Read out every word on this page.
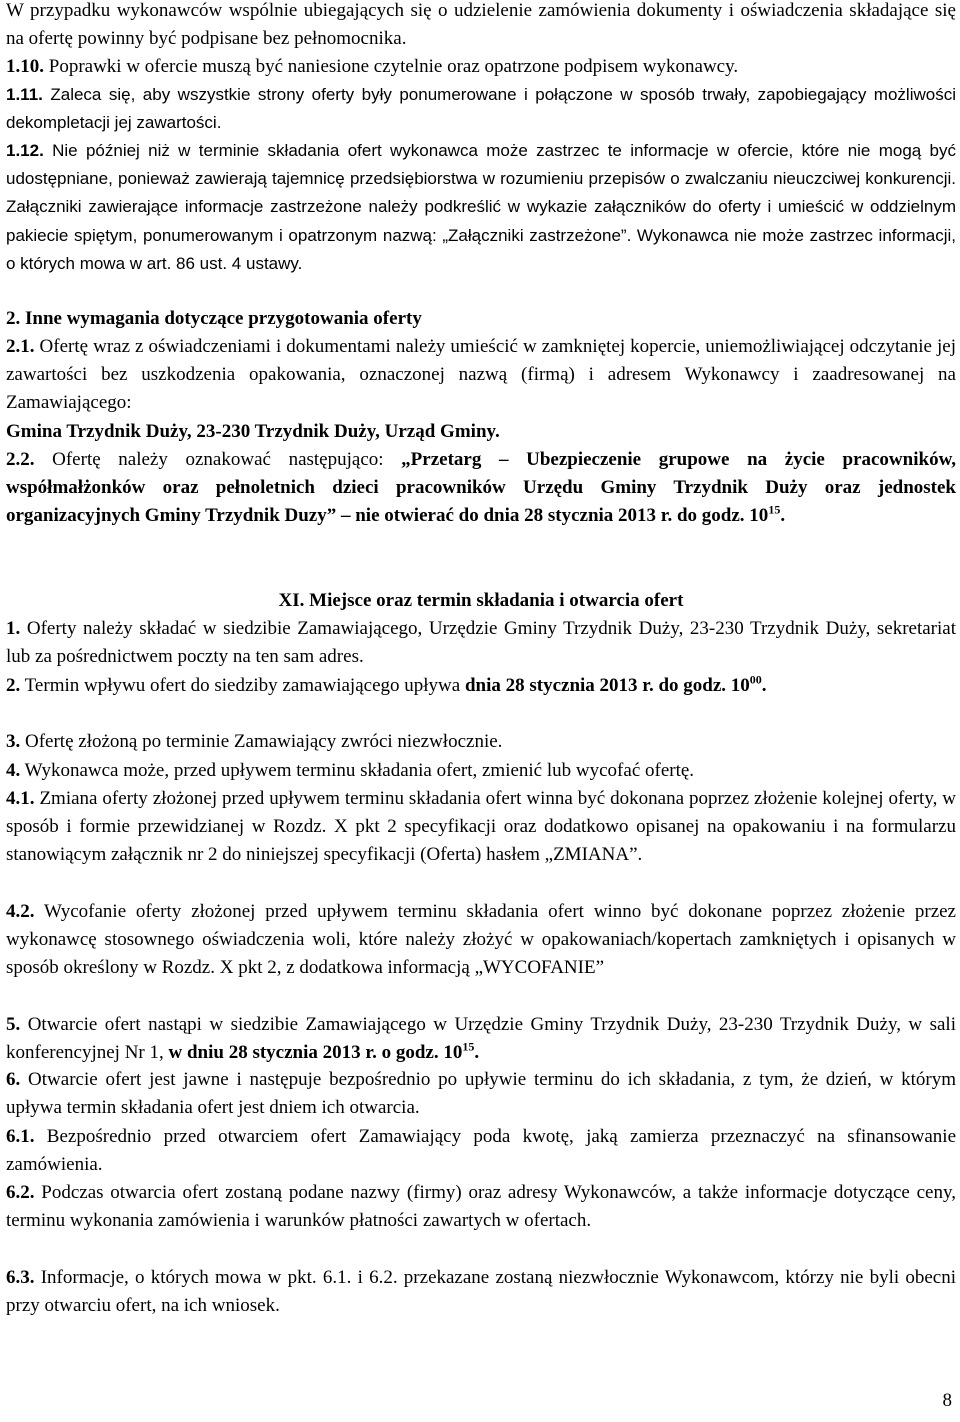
W przypadku wykonawców wspólnie ubiegających się o udzielenie zamówienia dokumenty i oświadczenia składające się na ofertę powinny być podpisane bez pełnomocnika.
1.10. Poprawki w ofercie muszą być naniesione czytelnie oraz opatrzone podpisem wykonawcy.

1.11. Zaleca się, aby wszystkie strony oferty były ponumerowane i połączone w sposób trwały, zapobiegający możliwości dekompletacji jej zawartości.

1.12. Nie później niż w terminie składania ofert wykonawca może zastrzec te informacje w ofercie, które nie mogą być udostępniane, ponieważ zawierają tajemnicę przedsiębiorstwa w rozumieniu przepisów o zwalczaniu nieuczciwej konkurencji. Załączniki zawierające informacje zastrzeżone należy podkreślić w wykazie załączników do oferty i umieścić w oddzielnym pakiecie spiętym, ponumerowanym i opatrzonym nazwą: „Załączniki zastrzeżone”. Wykonawca nie może zastrzec informacji, o których mowa w art. 86 ust. 4 ustawy.

2. Inne wymagania dotyczące przygotowania oferty

2.1. Ofertę wraz z oświadczeniami i dokumentami należy umieścić w zamkniętej kopercie, uniemożliwiającej odczytanie jej zawartości bez uszkodzenia opakowania, oznaczonej nazwą (firmą) i adresem Wykonawcy i zaadresowanej na Zamawiającego:
Gmina Trzydnik Duży, 23-230 Trzydnik Duży, Urząd Gminy.

2.2. Ofertę należy oznakować następująco: „Przetarg – Ubezpieczenie grupowe na życie pracowników, współmałżonków oraz pełnoletnich dzieci pracowników Urzędu Gminy Trzydnik Duży oraz jednostek organizacyjnych Gminy Trzydnik Duzy” – nie otwierać do dnia 28 stycznia 2013 r. do godz. $10^{15}$.

XI. Miejsce oraz termin składania i otwarcia ofert

1. Oferty należy składać w siedzibie Zamawiającego, Urzędzie Gminy Trzydnik Duży, 23-230 Trzydnik Duży, sekretariat lub za pośrednictwem poczty na ten sam adres.

2. Termin wpływu ofert do siedziby zamawiającego upływa dnia 28 stycznia 2013 r. do godz. $10^{00}$.

3. Ofertę złożoną po terminie Zamawiający zwróci niezwłocznie.

4. Wykonawca może, przed upływem terminu składania ofert, zmienić lub wycofać ofertę.

4.1. Zmiana oferty złożonej przed upływem terminu składania ofert winna być dokonana poprzez złożenie kolejnej oferty, w sposób i formie przewidzianej w Rozdz. X pkt 2 specyfikacji oraz dodatkowo opisanej na opakowaniu i na formularzu stanowiącym załącznik nr 2 do niniejszej specyfikacji (Oferta) hasłem „ZMIANA”.

4.2. Wycofanie oferty złożonej przed upływem terminu składania ofert winno być dokonane poprzez złożenie przez wykonawcę stosownego oświadczenia woli, które należy złożyć w opakowaniach/kopertach zamkniętych i opisanych w sposób określony w Rozdz. X pkt 2, z dodatkowa informacją „WYCOFANIE”

5. Otwarcie ofert nastąpi w siedzibie Zamawiającego w Urzędzie Gminy Trzydnik Duży, 23-230 Trzydnik Duży, w sali konferencyjnej Nr 1, w dniu 28 stycznia 2013 r. o godz. $10^{15}$.

6. Otwarcie ofert jest jawne i następuje bezpośrednio po upływie terminu do ich składania, z tym, że dzień, w którym upływa termin składania ofert jest dniem ich otwarcia.

6.1. Bezpośrednio przed otwarciem ofert Zamawiający poda kwotę, jaką zamierza przeznaczyć na sfinansowanie zamówienia.

6.2. Podczas otwarcia ofert zostaną podane nazwy (firmy) oraz adresy Wykonawców, a także informacje dotyczące ceny, terminu wykonania zamówienia i warunków płatności zawartych w ofertach.

6.3. Informacje, o których mowa w pkt. 6.1. i 6.2. przekazane zostaną niezwłocznie Wykonawcom, którzy nie byli obecni przy otwarciu ofert, na ich wniosek.

8
